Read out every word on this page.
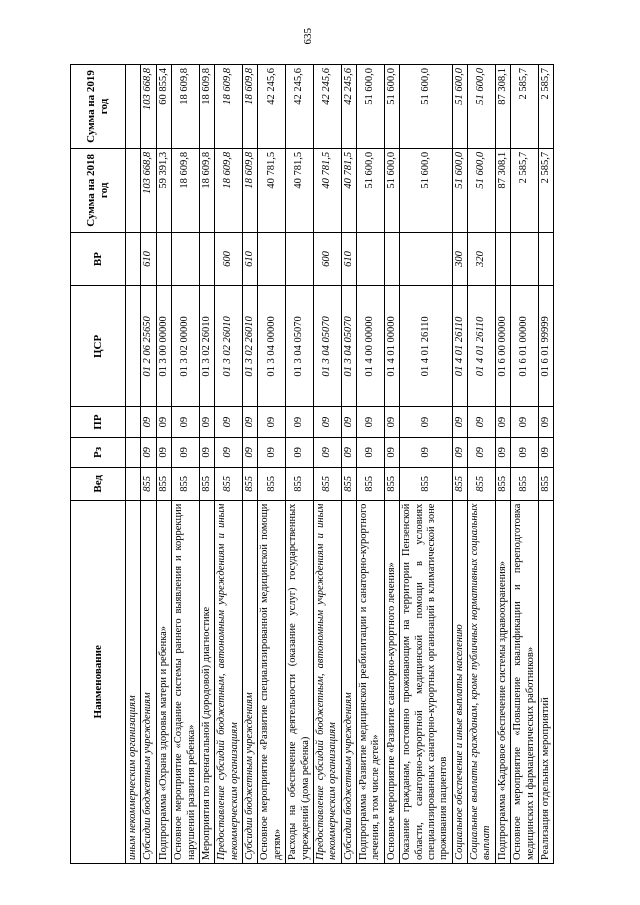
635
Наименование	Вед	Рз	ПР	ЦСР	ВР	Сумма на 2018 год	Сумма на 2019 год
иным некоммерческим организациям							
Субсидии бюджетным учреждениям	855	09	09	01 2 06 25650	610	103 668,8	103 668,8
Подпрограмма «Охрана здоровья матери и ребенка»	855	09	09	01 3 00 00000		59 391,3	60 855,4
Основное мероприятие «Создание системы раннего выявления и коррекции нарушений развития ребенка»	855	09	09	01 3 02 00000		18 609,8	18 609,8
Мероприятия по пренатальной (дородовой) диагностике	855	09	09	01 3 02 26010		18 609,8	18 609,8
Предоставление субсидий бюджетным, автономным учреждениям и иным некоммерческим организациям	855	09	09	01 3 02 26010	600	18 609,8	18 609,8
Субсидии бюджетным учреждениям	855	09	09	01 3 02 26010	610	18 609,8	18 609,8
Основное мероприятие «Развитие специализированной медицинской помощи детям»	855	09	09	01 3 04 00000		40 781,5	42 245,6
Расходы на обеспечение деятельности (оказание услуг) государственных учреждений (дома ребенка)	855	09	09	01 3 04 05070		40 781,5	42 245,6
Предоставление субсидий бюджетным, автономным учреждениям и иным некоммерческим организациям	855	09	09	01 3 04 05070	600	40 781,5	42 245,6
Субсидии бюджетным учреждениям	855	09	09	01 3 04 05070	610	40 781,5	42 245,6
Подпрограмма «Развитие медицинской реабилитации и санаторно-курортного лечения, в том числе детей»	855	09	09	01 4 00 00000		51 600,0	51 600,0
Основное мероприятие «Развитие санаторно-курортного лечения»	855	09	09	01 4 01 00000		51 600,0	51 600,0
Оказание гражданам, постоянно проживающим на территории Пензенской области, санаторно-курортной медицинской помощи в условиях специализированных санаторно-курортных организаций в климатической зоне проживания пациентов	855	09	09	01 4 01 26110		51 600,0	51 600,0
Социальное обеспечение и иные выплаты населению	855	09	09	01 4 01 26110	300	51 600,0	51 600,0
Социальные выплаты гражданам, кроме публичных нормативных социальных выплат	855	09	09	01 4 01 26110	320	51 600,0	51 600,0
Подпрограмма «Кадровое обеспечение системы здравоохранения»	855	09	09	01 6 00 00000		87 308,1	87 308,1
Основное мероприятие «Повышение квалификации и переподготовка медицинских и фармацевтических работников»	855	09	09	01 6 01 00000		2 585,7	2 585,7
Реализация отдельных мероприятий	855	09	09	01 6 01 99999		2 585,7	2 585,7
